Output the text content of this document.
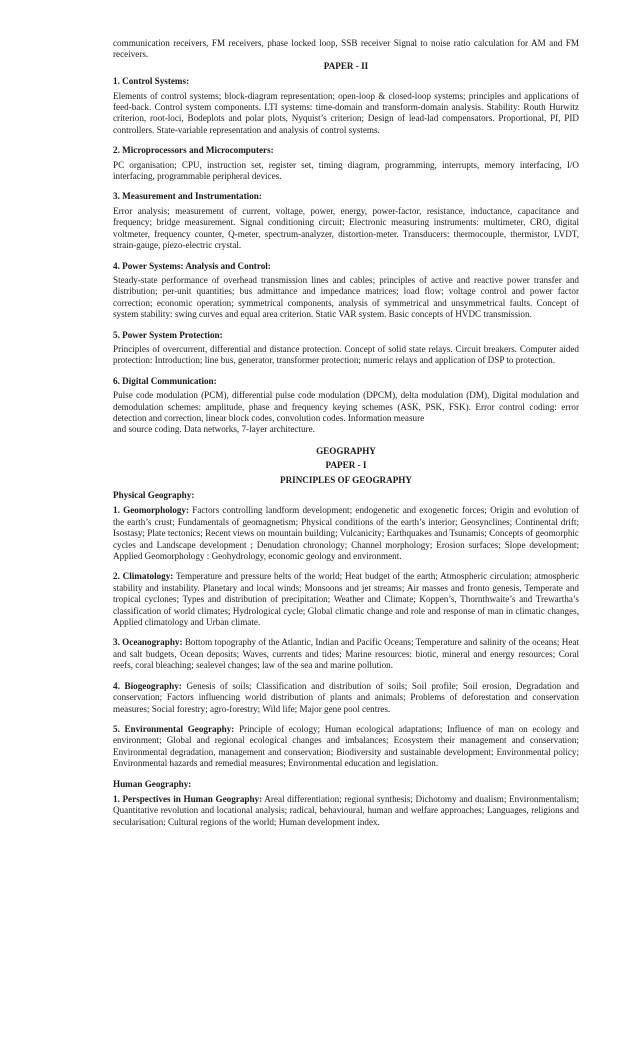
communication receivers, FM receivers, phase locked loop, SSB receiver Signal to noise ratio calculation for AM and FM receivers.

PAPER - II
1. Control Systems:

Elements of control systems; block-diagram representation; open-loop & closed-loop systems; principles and applications of feed-back. Control system components. LTI systems: time-domain and transform-domain analysis. Stability: Routh Hurwitz criterion, root-loci, Bodeplots and polar plots, Nyquist’s criterion; Design of lead-lad compensators. Proportional, PI, PID controllers. State-variable representation and analysis of control systems.

2. Microprocessors and Microcomputers:

PC organisation; CPU, instruction set, register set, timing diagram, programming, interrupts, memory interfacing, I/O interfacing, programmable peripheral devices.

3. Measurement and Instrumentation:

Error analysis; measurement of current, voltage, power, energy, power-factor, resistance, inductance, capacitance and frequency; bridge measurement. Signal conditioning circuit; Electronic measuring instruments: multimeter, CRO, digital voltmeter, frequency counter, Q-meter, spectrum-analyzer, distortion-meter. Transducers: thermocouple, thermistor, LVDT, strain-gauge, piezo-electric crystal.

4. Power Systems: Analysis and Control:

Steady-state performance of overhead transmission lines and cables; principles of active and reactive power transfer and distribution; per-unit quantities; bus admittance and impedance matrices; load flow; voltage control and power factor correction; economic operation; symmetrical components, analysis of symmetrical and unsymmetrical faults. Concept of system stability: swing curves and equal area criterion. Static VAR system. Basic concepts of HVDC transmission.

5. Power System Protection:

Principles of overcurrent, differential and distance protection. Concept of solid state relays. Circuit breakers. Computer aided protection: Introduction; line bus, generator, transformer protection; numeric relays and application of DSP to protection.

6. Digital Communication:

Pulse code modulation (PCM), differential pulse code modulation (DPCM), delta modulation (DM), Digital modulation and demodulation schemes: amplitude, phase and frequency keying schemes (ASK, PSK, FSK). Error control coding: error detection and correction, linear block codes, convolution codes. Information measure

and source coding. Data networks, 7-layer architecture.

GEOGRAPHY
PAPER - I
PRINCIPLES OF GEOGRAPHY
Physical Geography:

1. Geomorphology: Factors controlling landform development; endogenetic and exogenetic forces; Origin and evolution of the earth’s crust; Fundamentals of geomagnetism; Physical conditions of the earth’s interior; Geosynclines; Continental drift; Isostasy; Plate tectonics; Recent views on mountain building; Vulcanicity; Earthquakes and Tsunamis; Concepts of geomorphic cycles and Landscape development ; Denudation chronology; Channel morphology; Erosion surfaces; Slope development; Applied Geomorphology : Geohydrology, economic geology and environment.

2. Climatology: Temperature and pressure belts of the world; Heat budget of the earth; Atmospheric circulation; atmospheric stability and instability. Planetary and local winds; Monsoons and jet streams; Air masses and fronto genesis, Temperate and tropical cyclones; Types and distribution of precipitation; Weather and Climate; Koppen’s, Thornthwaite’s and Trewartha’s classification of world climates; Hydrological cycle; Global climatic change and role and response of man in climatic changes, Applied climatology and Urban climate.

3. Oceanography: Bottom topography of the Atlantic, Indian and Pacific Oceans; Temperature and salinity of the oceans; Heat and salt budgets, Ocean deposits; Waves, currents and tides; Marine resources: biotic, mineral and energy resources; Coral reefs, coral bleaching; sealevel changes; law of the sea and marine pollution.

4. Biogeography: Genesis of soils; Classification and distribution of soils; Soil profile; Soil erosion, Degradation and conservation; Factors influencing world distribution of plants and animals; Problems of deforestation and conservation measures; Social forestry; agro-forestry; Wild life; Major gene pool centres.

5. Environmental Geography: Principle of ecology; Human ecological adaptations; Influence of man on ecology and environment; Global and regional ecological changes and imbalances; Ecosystem their management and conservation; Environmental degradation, management and conservation; Biodiversity and sustainable development; Environmental policy; Environmental hazards and remedial measures; Environmental education and legislation.

Human Geography:

1. Perspectives in Human Geography: Areal differentiation; regional synthesis; Dichotomy and dualism; Environmentalism; Quantitative revolution and locational analysis; radical, behavioural, human and welfare approaches; Languages, religions and secularisation; Cultural regions of the world; Human development index.
